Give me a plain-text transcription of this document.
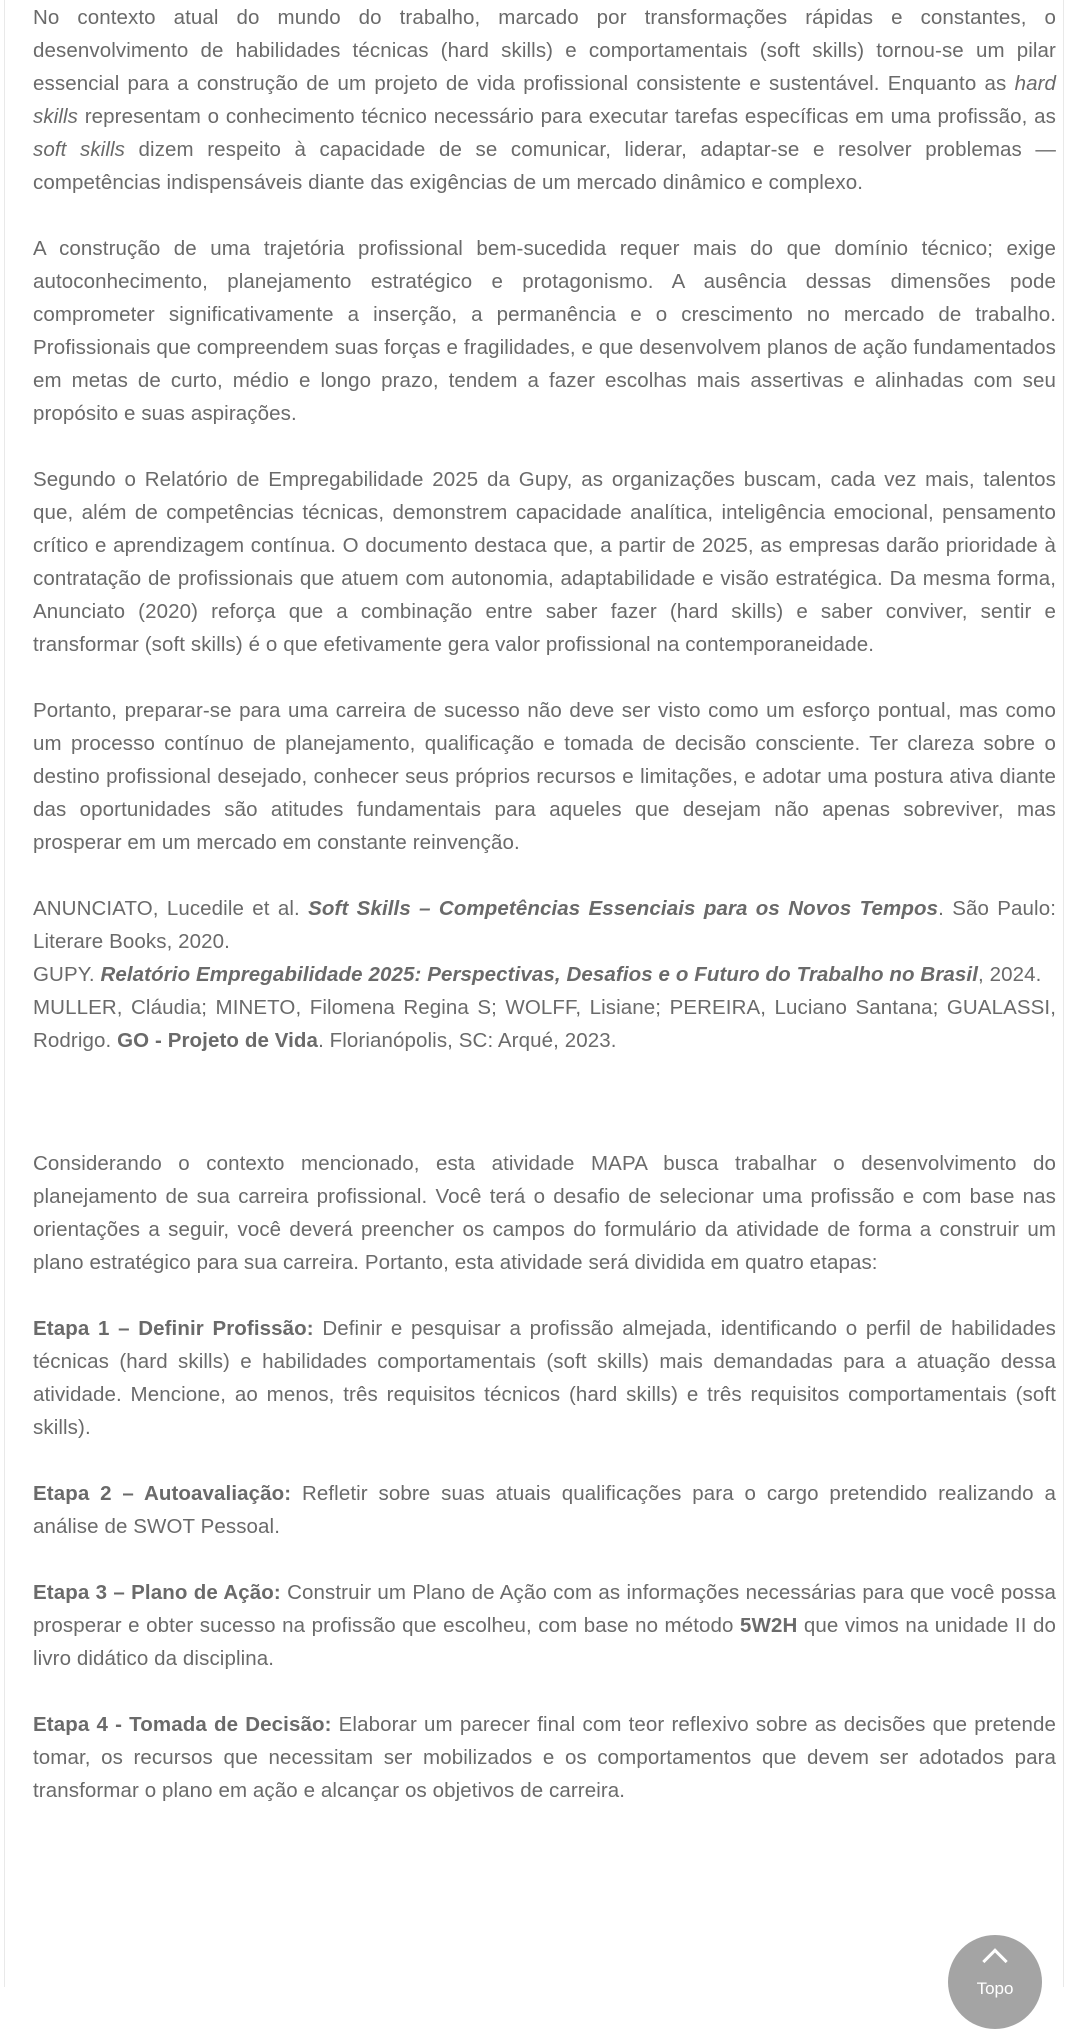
No contexto atual do mundo do trabalho, marcado por transformações rápidas e constantes, o desenvolvimento de habilidades técnicas (hard skills) e comportamentais (soft skills) tornou-se um pilar essencial para a construção de um projeto de vida profissional consistente e sustentável. Enquanto as hard skills representam o conhecimento técnico necessário para executar tarefas específicas em uma profissão, as soft skills dizem respeito à capacidade de se comunicar, liderar, adaptar-se e resolver problemas — competências indispensáveis diante das exigências de um mercado dinâmico e complexo.

A construção de uma trajetória profissional bem-sucedida requer mais do que domínio técnico; exige autoconhecimento, planejamento estratégico e protagonismo. A ausência dessas dimensões pode comprometer significativamente a inserção, a permanência e o crescimento no mercado de trabalho. Profissionais que compreendem suas forças e fragilidades, e que desenvolvem planos de ação fundamentados em metas de curto, médio e longo prazo, tendem a fazer escolhas mais assertivas e alinhadas com seu propósito e suas aspirações.

Segundo o Relatório de Empregabilidade 2025 da Gupy, as organizações buscam, cada vez mais, talentos que, além de competências técnicas, demonstrem capacidade analítica, inteligência emocional, pensamento crítico e aprendizagem contínua. O documento destaca que, a partir de 2025, as empresas darão prioridade à contratação de profissionais que atuem com autonomia, adaptabilidade e visão estratégica. Da mesma forma, Anunciato (2020) reforça que a combinação entre saber fazer (hard skills) e saber conviver, sentir e transformar (soft skills) é o que efetivamente gera valor profissional na contemporaneidade.

Portanto, preparar-se para uma carreira de sucesso não deve ser visto como um esforço pontual, mas como um processo contínuo de planejamento, qualificação e tomada de decisão consciente. Ter clareza sobre o destino profissional desejado, conhecer seus próprios recursos e limitações, e adotar uma postura ativa diante das oportunidades são atitudes fundamentais para aqueles que desejam não apenas sobreviver, mas prosperar em um mercado em constante reinvenção.

ANUNCIATO, Lucedile et al. Soft Skills – Competências Essenciais para os Novos Tempos. São Paulo: Literare Books, 2020.

GUPY. Relatório Empregabilidade 2025: Perspectivas, Desafios e o Futuro do Trabalho no Brasil, 2024.

MULLER, Cláudia; MINETO, Filomena Regina S; WOLFF, Lisiane; PEREIRA, Luciano Santana; GUALASSI, Rodrigo. GO - Projeto de Vida. Florianópolis, SC: Arqué, 2023.

Considerando o contexto mencionado, esta atividade MAPA busca trabalhar o desenvolvimento do planejamento de sua carreira profissional. Você terá o desafio de selecionar uma profissão e com base nas orientações a seguir, você deverá preencher os campos do formulário da atividade de forma a construir um plano estratégico para sua carreira. Portanto, esta atividade será dividida em quatro etapas:

Etapa 1 – Definir Profissão: Definir e pesquisar a profissão almejada, identificando o perfil de habilidades técnicas (hard skills) e habilidades comportamentais (soft skills) mais demandadas para a atuação dessa atividade. Mencione, ao menos, três requisitos técnicos (hard skills) e três requisitos comportamentais (soft skills).

Etapa 2 – Autoavaliação: Refletir sobre suas atuais qualificações para o cargo pretendido realizando a análise de SWOT Pessoal.

Etapa 3 – Plano de Ação: Construir um Plano de Ação com as informações necessárias para que você possa prosperar e obter sucesso na profissão que escolheu, com base no método 5W2H que vimos na unidade II do livro didático da disciplina.

Etapa 4 - Tomada de Decisão: Elaborar um parecer final com teor reflexivo sobre as decisões que pretende tomar, os recursos que necessitam ser mobilizados e os comportamentos que devem ser adotados para transformar o plano em ação e alcançar os objetivos de carreira.

Topo
